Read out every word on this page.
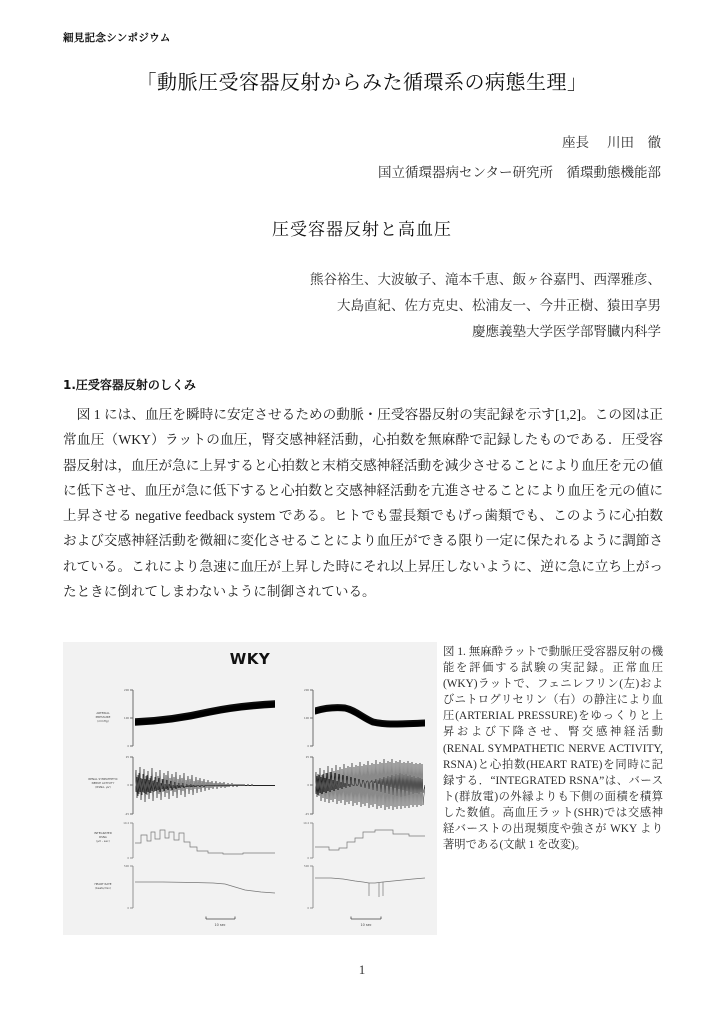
細見記念シンポジウム
「動脈圧受容器反射からみた循環系の病態生理」
座長 川田　徹
国立循環器病センター研究所　循環動態機能部
圧受容器反射と高血圧
熊谷裕生、大波敏子、滝本千恵、飯ヶ谷嘉門、西澤雅彦、
大島直紀、佐方克史、松浦友一、今井正樹、猿田享男

慶應義塾大学医学部腎臓内科学
1.圧受容器反射のしくみ
図 1 には、血圧を瞬時に安定させるための動脈・圧受容器反射の実記録を示す[1,2]。この図は正常血圧（WKY）ラットの血圧，腎交感神経活動，心拍数を無麻酔で記録したものである．圧受容器反射は，血圧が急に上昇すると心拍数と末梢交感神経活動を減少させることにより血圧を元の値に低下させ、血圧が急に低下すると心拍数と交感神経活動を亢進させることにより血圧を元の値に上昇させる negative feedback system である。ヒトでも霊長類でもげっ歯類でも、このように心拍数および交感神経活動を微細に変化させることにより血圧ができる限り一定に保たれるように調節されている。これにより急速に血圧が上昇した時にそれ以上昇圧しないように、逆に急に立ち上がったときに倒れてしまわないように制御されている。
WKY
200
100
0
ARTERIAL
PRESSURE
(mmHg)
25
0
-25
RENAL SYMPATHETIC
NERVE ACTIVITY
(RSNA, µV)
10.4
0
INTEGRATED
RSNA
(µV - sec)
500
0
HEART RATE
(beats/min)
10 sec
200
100
0
25
0
-25
10.4
0
500
0
10 sec
図 1. 無麻酔ラットで動脈圧受容器反射の機能を評価する試験の実記録。正常血圧(WKY)ラットで、フェニレフリン(左)およびニトログリセリン（右）の静注により血圧(ARTERIAL PRESSURE)をゆっくりと上昇および下降させ、腎交感神経活動(RENAL SYMPATHETIC NERVE ACTIVITY, RSNA)と心拍数(HEART RATE)を同時に記録する．“INTEGRATED RSNA”は、バースト(群放電)の外縁よりも下側の面積を積算した数値。高血圧ラット(SHR)では交感神経バーストの出現頻度や強さが WKY より著明である(文献 1 を改変)。
1
